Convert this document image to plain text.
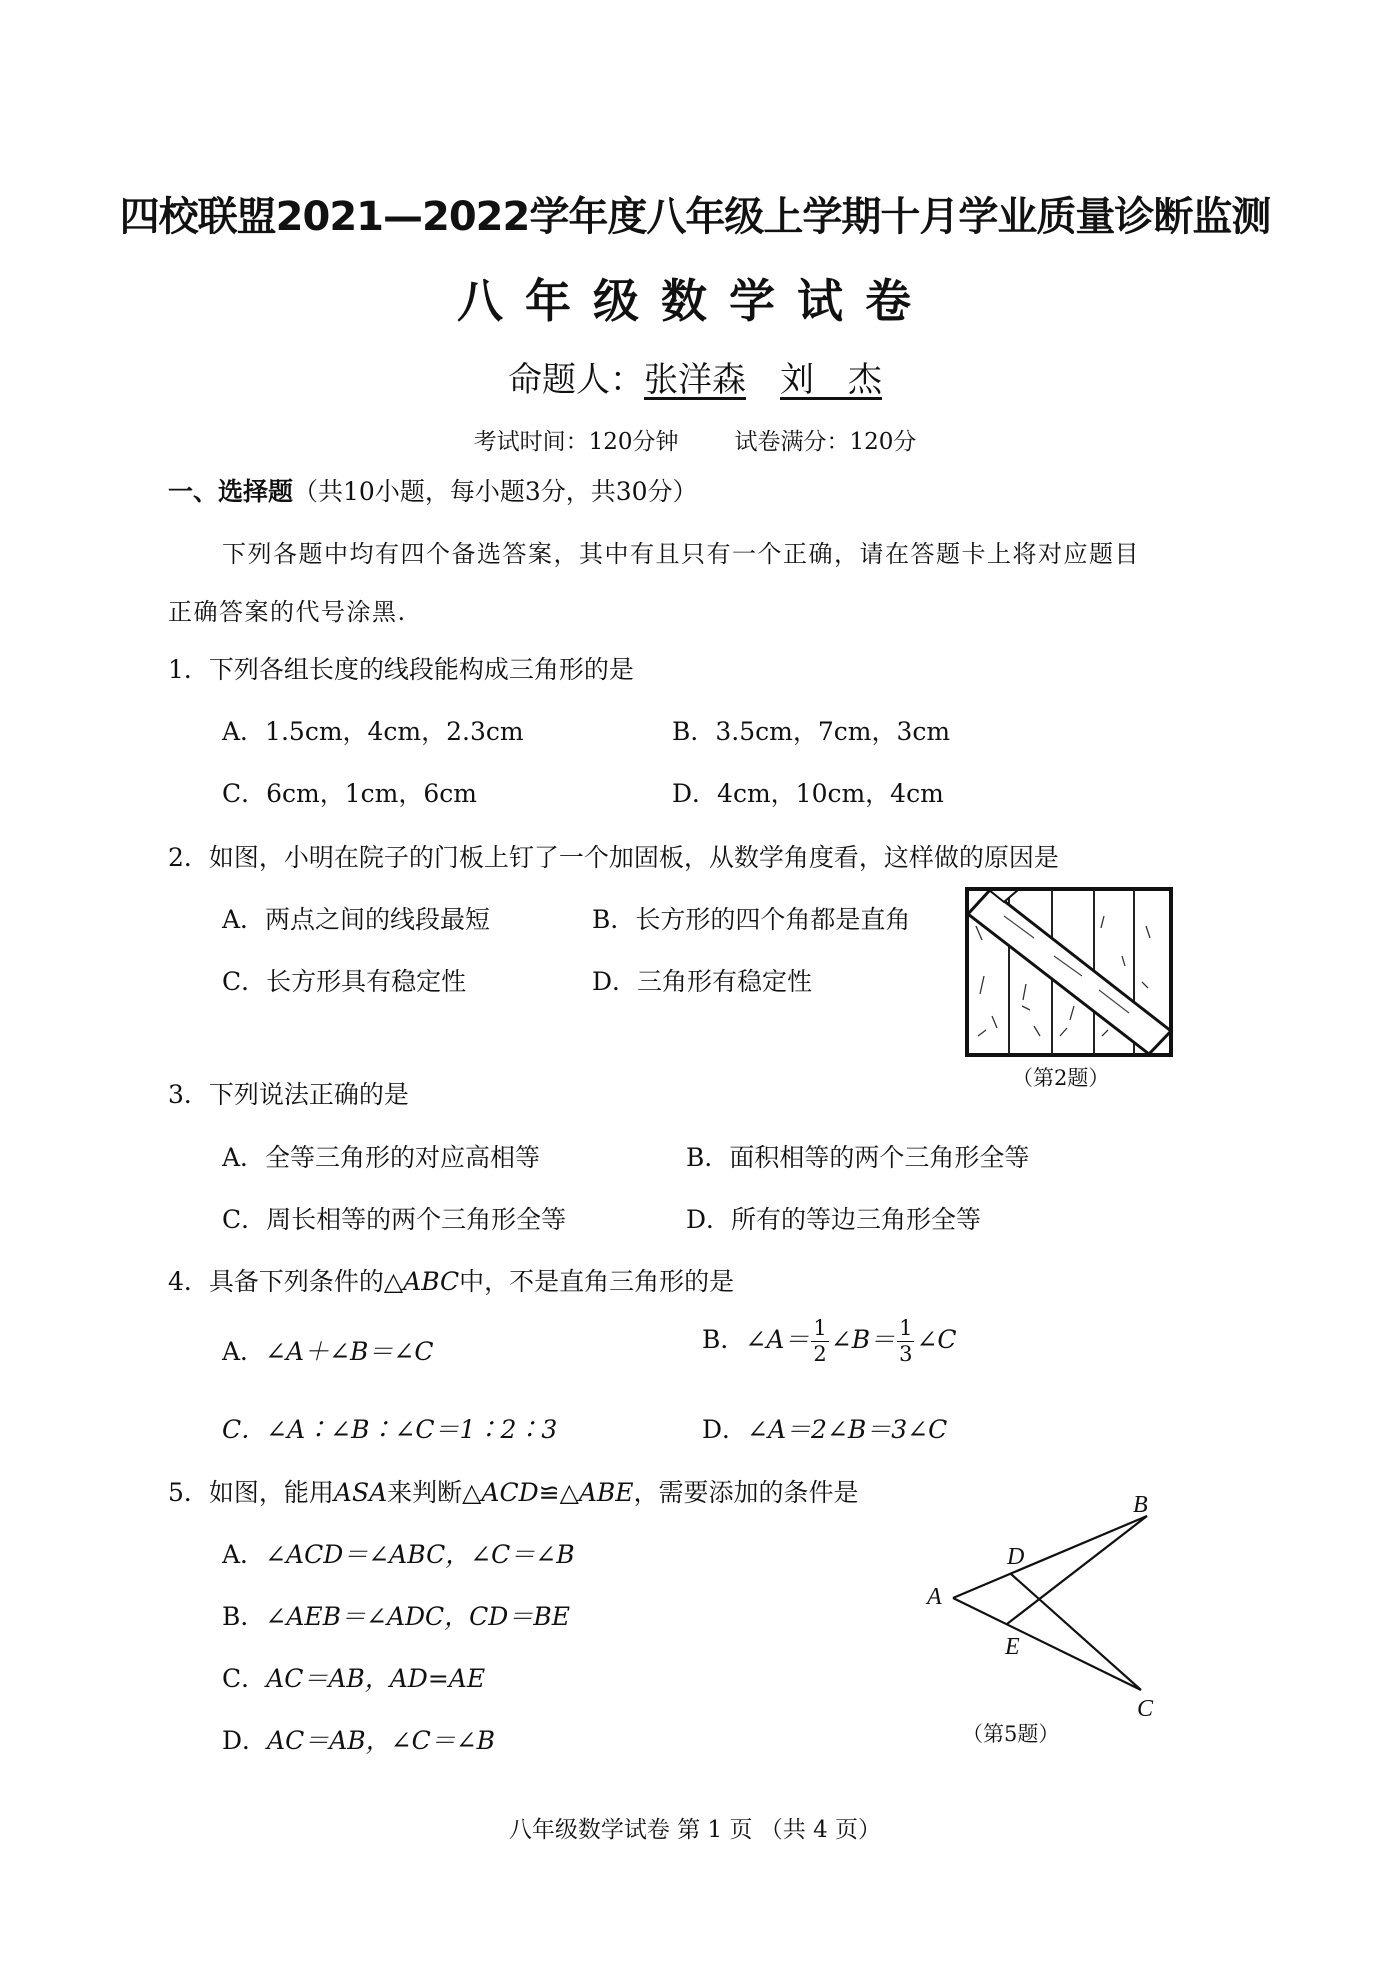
四校联盟2021—2022学年度八年级上学期十月学业质量诊断监测
八年级数学试卷
命题人：张洋森 刘　杰
考试时间：120分钟 试卷满分：120分
一、选择题（共10小题，每小题3分，共30分）
下列各题中均有四个备选答案，其中有且只有一个正确，请在答题卡上将对应题目
正确答案的代号涂黑.
1．下列各组长度的线段能构成三角形的是
A．1.5cm，4cm，2.3cm	B．3.5cm，7cm，3cm
C．6cm，1cm，6cm	D．4cm，10cm，4cm
2．如图，小明在院子的门板上钉了一个加固板，从数学角度看，这样做的原因是
A．两点之间的线段最短	B．长方形的四个角都是直角
C．长方形具有稳定性	D．三角形有稳定性
（第2题）
3．下列说法正确的是
A．全等三角形的对应高相等	B．面积相等的两个三角形全等
C．周长相等的两个三角形全等	D．所有的等边三角形全等
4．具备下列条件的△ABC中，不是直角三角形的是
A．∠A＋∠B＝∠C	B．∠A＝ $\frac{1}{2}$ ∠B＝ $\frac{1}{3}$ ∠C
C．∠A∶∠B∶∠C＝1∶2∶3	D．∠A＝2∠B＝3∠C
5．如图，能用ASA来判断△ACD≌△ABE，需要添加的条件是
A．∠ACD＝∠ABC，∠C＝∠B
B．∠AEB＝∠ADC，CD＝BE
C．AC＝AB，AD=AE
D．AC＝AB，∠C＝∠B
A
B
C
D
E
（第5题）
八年级数学试卷 第 1 页 （共 4 页）
